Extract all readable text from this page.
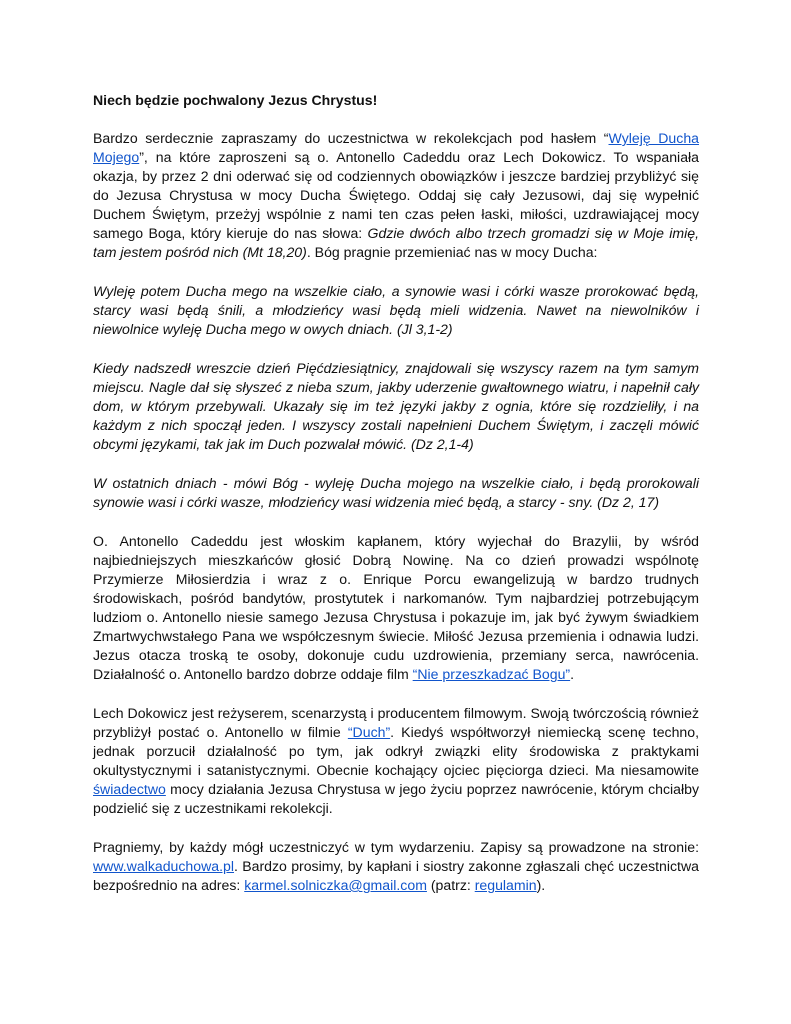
Niech będzie pochwalony Jezus Chrystus!

Bardzo serdecznie zapraszamy do uczestnictwa w rekolekcjach pod hasłem “Wyleję Ducha Mojego”, na które zaproszeni są o. Antonello Cadeddu oraz Lech Dokowicz. To wspaniała okazja, by przez 2 dni oderwać się od codziennych obowiązków i jeszcze bardziej przybliżyć się do Jezusa Chrystusa w mocy Ducha Świętego. Oddaj się cały Jezusowi, daj się wypełnić Duchem Świętym, przeżyj wspólnie z nami ten czas pełen łaski, miłości, uzdrawiającej mocy samego Boga, który kieruje do nas słowa: Gdzie dwóch albo trzech gromadzi się w Moje imię, tam jestem pośród nich (Mt 18,20). Bóg pragnie przemieniać nas w mocy Ducha:

Wyleję potem Ducha mego na wszelkie ciało, a synowie wasi i córki wasze prorokować będą, starcy wasi będą śnili, a młodzieńcy wasi będą mieli widzenia. Nawet na niewolników i niewolnice wyleję Ducha mego w owych dniach. (Jl 3,1-2)

Kiedy nadszedł wreszcie dzień Pięćdziesiątnicy, znajdowali się wszyscy razem na tym samym miejscu. Nagle dał się słyszeć z nieba szum, jakby uderzenie gwałtownego wiatru, i napełnił cały dom, w którym przebywali. Ukazały się im też języki jakby z ognia, które się rozdzieliły, i na każdym z nich spoczął jeden. I wszyscy zostali napełnieni Duchem Świętym, i zaczęli mówić obcymi językami, tak jak im Duch pozwalał mówić. (Dz 2,1-4)

W ostatnich dniach - mówi Bóg - wyleję Ducha mojego na wszelkie ciało, i będą prorokowali synowie wasi i córki wasze, młodzieńcy wasi widzenia mieć będą, a starcy - sny. (Dz 2, 17)

O. Antonello Cadeddu jest włoskim kapłanem, który wyjechał do Brazylii, by wśród najbiedniejszych mieszkańców głosić Dobrą Nowinę. Na co dzień prowadzi wspólnotę Przymierze Miłosierdzia i wraz z o. Enrique Porcu ewangelizują w bardzo trudnych środowiskach, pośród bandytów, prostytutek i narkomanów. Tym najbardziej potrzebującym ludziom o. Antonello niesie samego Jezusa Chrystusa i pokazuje im, jak być żywym świadkiem Zmartwychwstałego Pana we współczesnym świecie. Miłość Jezusa przemienia i odnawia ludzi. Jezus otacza troską te osoby, dokonuje cudu uzdrowienia, przemiany serca, nawrócenia. Działalność o. Antonello bardzo dobrze oddaje film “Nie przeszkadzać Bogu”.

Lech Dokowicz jest reżyserem, scenarzystą i producentem filmowym. Swoją twórczością również przybliżył postać o. Antonello w filmie “Duch”. Kiedyś współtworzył niemiecką scenę techno, jednak porzucił działalność po tym, jak odkrył związki elity środowiska z praktykami okultystycznymi i satanistycznymi. Obecnie kochający ojciec pięciorga dzieci. Ma niesamowite świadectwo mocy działania Jezusa Chrystusa w jego życiu poprzez nawrócenie, którym chciałby podzielić się z uczestnikami rekolekcji.

Pragniemy, by każdy mógł uczestniczyć w tym wydarzeniu. Zapisy są prowadzone na stronie: www.walkaduchowa.pl. Bardzo prosimy, by kapłani i siostry zakonne zgłaszali chęć uczestnictwa bezpośrednio na adres: karmel.solniczka@gmail.com (patrz: regulamin).
